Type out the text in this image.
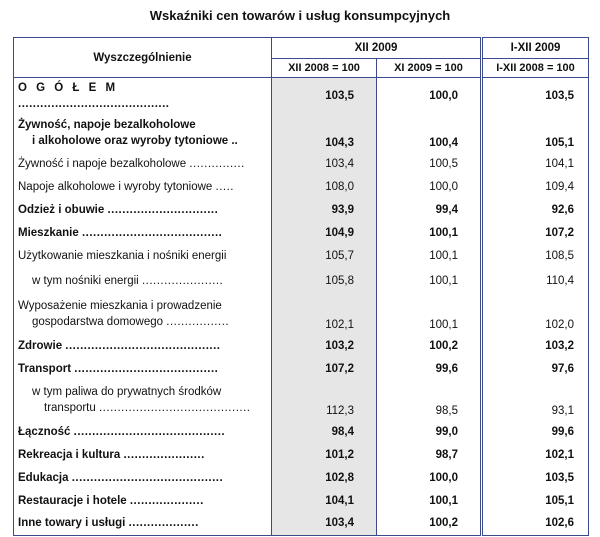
Wskaźniki cen towarów i usług konsumpcyjnych
Wyszczególnienie	XII 2009		I-XII 2009
	XII 2008 = 100	XI 2009 = 100	I-XII 2008 = 100
O G Ó Ł E M .........................................	103,5	100,0	103,5
Żywność, napoje bezalkoholowe
i alkoholowe oraz wyroby tytoniowe ..	104,3	100,4	105,1
Żywność i napoje bezalkoholowe ...............	103,4	100,5	104,1
Napoje alkoholowe i wyroby tytoniowe .....	108,0	100,0	109,4
Odzież i obuwie ..............................	93,9	99,4	92,6
Mieszkanie ......................................	104,9	100,1	107,2
Użytkowanie mieszkania i nośniki energii	105,7	100,1	108,5
w tym nośniki energii ......................	105,8	100,1	110,4
Wyposażenie mieszkania i prowadzenie
gospodarstwa domowego .................	102,1	100,1	102,0
Zdrowie ..........................................	103,2	100,2	103,2
Transport .......................................	107,2	99,6	97,6
w tym paliwa do prywatnych środków
transportu .........................................	112,3	98,5	93,1
Łączność .........................................	98,4	99,0	99,6
Rekreacja i kultura ......................	101,2	98,7	102,1
Edukacja .........................................	102,8	100,0	103,5
Restauracje i hotele ....................	104,1	100,1	105,1
Inne towary i usługi ...................	103,4	100,2	102,6
